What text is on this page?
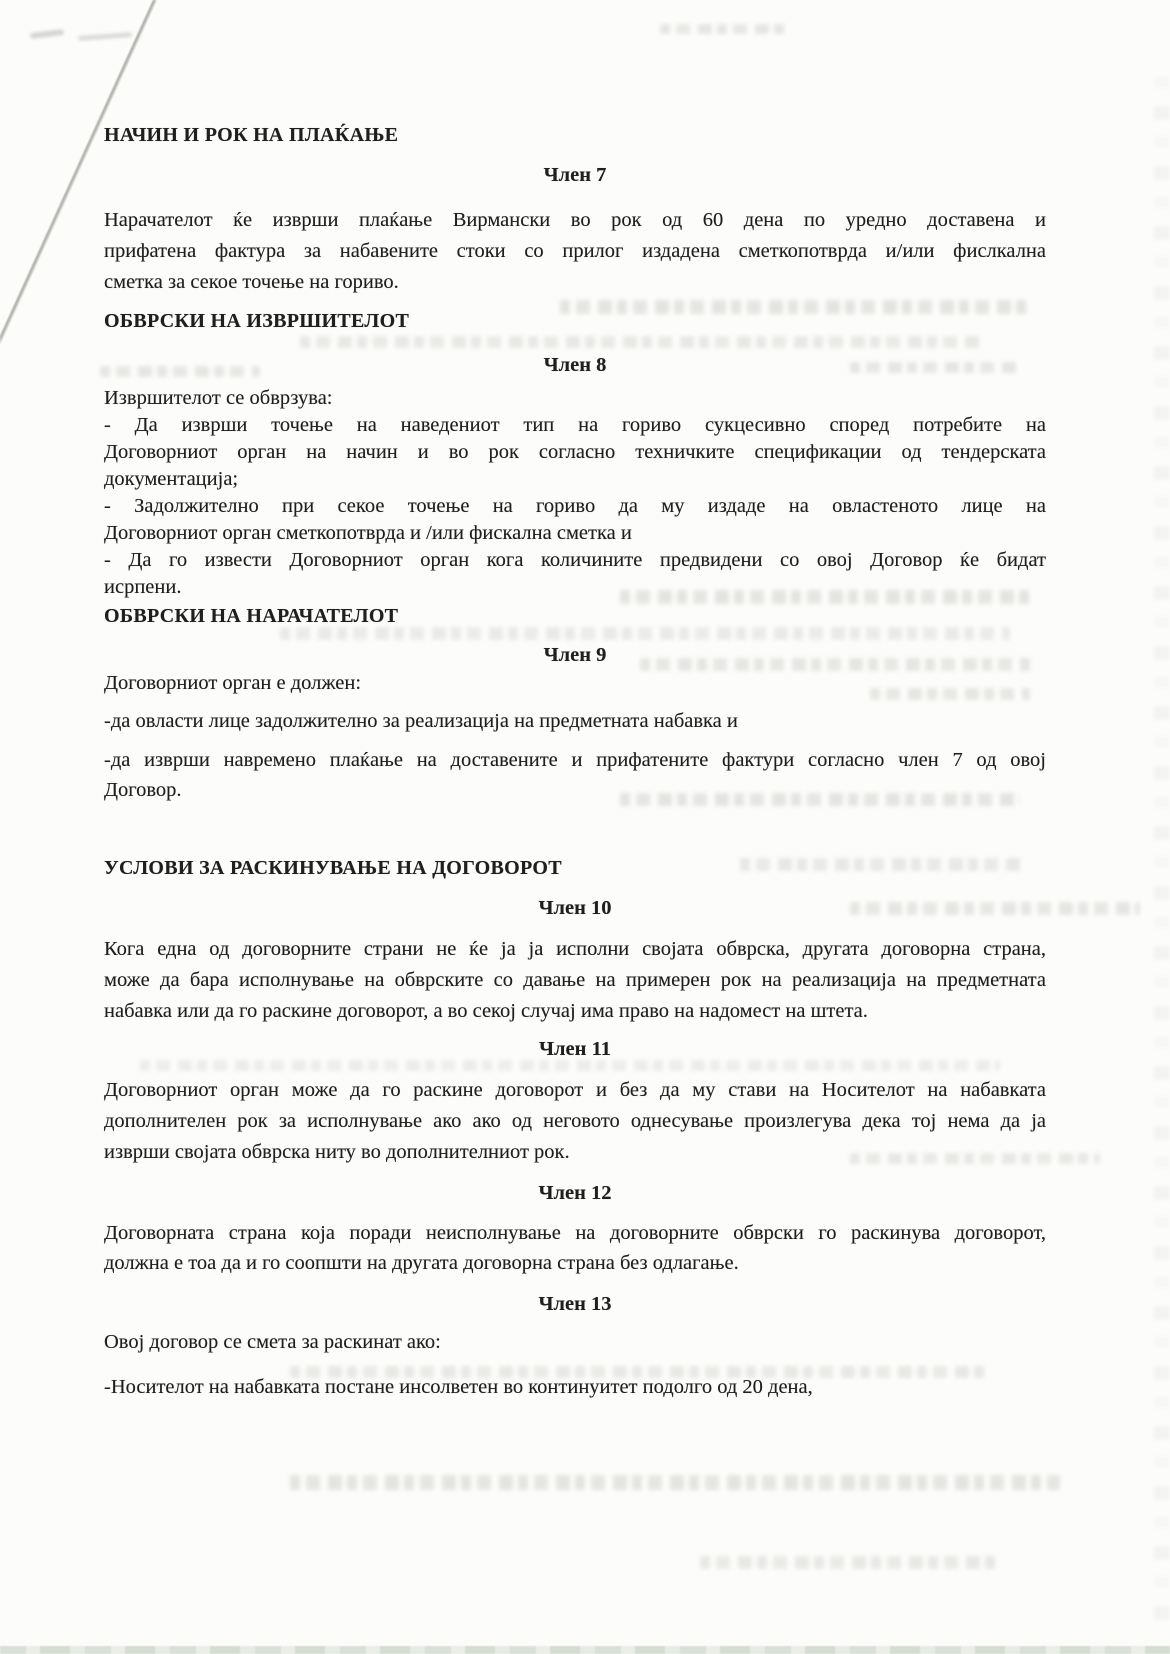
НАЧИН И РОК НА ПЛАЌАЊЕ
Член 7
Нарачателот ќе изврши плаќање Вирмански во рок од 60 дена по уредно доставена и
прифатена фактура за набавените стоки со прилог издадена сметкопотврда и/или фислкална
сметка за секое точење на гориво.
ОБВРСКИ НА ИЗВРШИТЕЛОТ
Член 8
Извршителот се обврзува:
- Да изврши точење на наведениот тип на гориво сукцесивно според потребите на
Договорниот орган на начин и во рок согласно техничките спецификации од тендерската
документација;
- Задолжително при секое точење на гориво да му издаде на овластеното лице на
Договорниот орган сметкопотврда и /или фискална сметка и
- Да го извести Договорниот орган кога количините предвидени со овој Договор ќе бидат
исрпени.
ОБВРСКИ НА НАРАЧАТЕЛОТ
Член 9
Договорниот орган е должен:
-да овласти лице задолжително за реализација на предметната набавка и
-да изврши навремено плаќање на доставените и прифатените фактури согласно член 7 од овој
Договор.
УСЛОВИ ЗА РАСКИНУВАЊЕ НА ДОГОВОРОТ
Член 10
Кога една од договорните страни не ќе ја ја исполни својата обврска, другата договорна страна,
може да бара исполнување на обврските со давање на примерен рок на реализација на предметната
набавка или да го раскине договорот, а во секој случај има право на надомест на штета.
Член 11
Договорниот орган може да го раскине договорот и без да му стави на Носителот на набавката
дополнителен рок за исполнување ако ако од неговото однесување произлегува дека тој нема да ја
изврши својата обврска ниту во дополнителниот рок.
Член 12
Договорната страна која поради неисполнување на договорните обврски го раскинува договорот,
должна е тоа да и го соопшти на другата договорна страна без одлагање.
Член 13
Овој договор се смета за раскинат ако:
-Носителот на набавката постане инсолветен во континуитет подолго од 20 дена,
